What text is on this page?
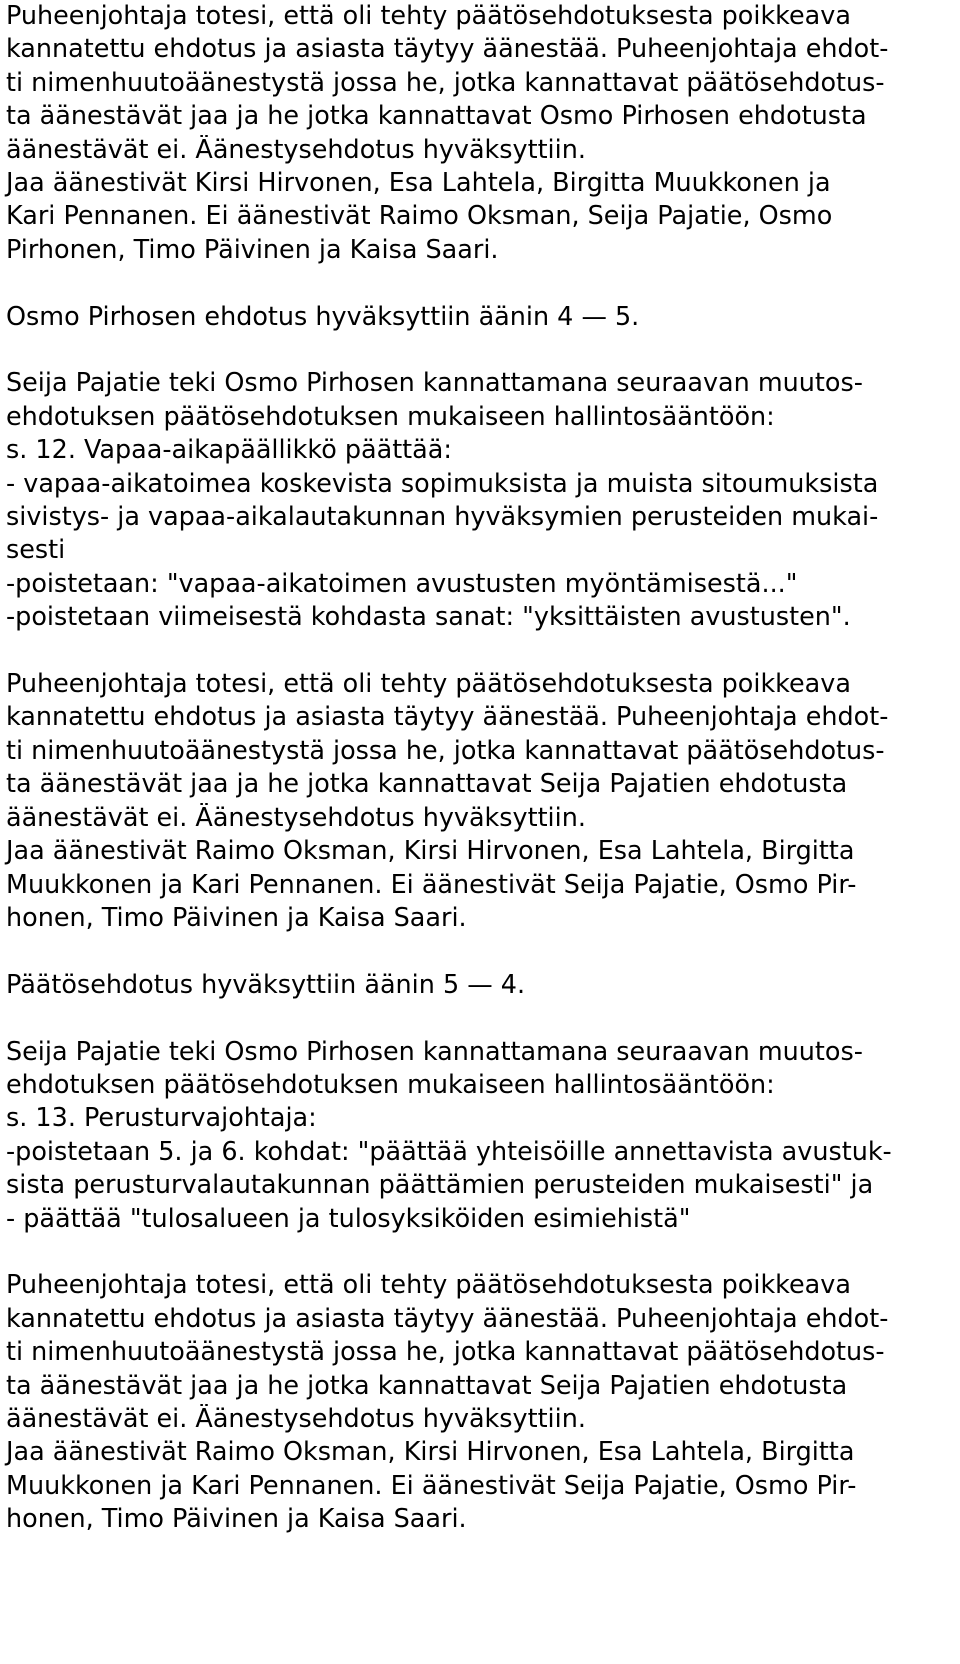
Puheenjohtaja totesi, että oli tehty päätösehdotuksesta poikkeava
kannatettu ehdotus ja asiasta täytyy äänestää. Puheenjohtaja ehdot-
ti nimenhuutoäänestystä jossa he, jotka kannattavat päätösehdotus-
ta äänestävät jaa ja he jotka kannattavat Osmo Pirhosen ehdotusta
äänestävät ei. Äänestysehdotus hyväksyttiin.
Jaa äänestivät Kirsi Hirvonen, Esa Lahtela, Birgitta Muukkonen ja
Kari Pennanen. Ei äänestivät Raimo Oksman, Seija Pajatie, Osmo
Pirhonen, Timo Päivinen ja Kaisa Saari.
Osmo Pirhosen ehdotus hyväksyttiin äänin 4 — 5.
Seija Pajatie teki Osmo Pirhosen kannattamana seuraavan muutos-
ehdotuksen päätösehdotuksen mukaiseen hallintosääntöön:
s. 12. Vapaa-aikapäällikkö päättää:
- vapaa-aikatoimea koskevista sopimuksista ja muista sitoumuksista
sivistys- ja vapaa-aikalautakunnan hyväksymien perusteiden mukai-
sesti
-poistetaan: "vapaa-aikatoimen avustusten myöntämisestä..."
-poistetaan viimeisestä kohdasta sanat: "yksittäisten avustusten".
Puheenjohtaja totesi, että oli tehty päätösehdotuksesta poikkeava
kannatettu ehdotus ja asiasta täytyy äänestää. Puheenjohtaja ehdot-
ti nimenhuutoäänestystä jossa he, jotka kannattavat päätösehdotus-
ta äänestävät jaa ja he jotka kannattavat Seija Pajatien ehdotusta
äänestävät ei. Äänestysehdotus hyväksyttiin.
Jaa äänestivät Raimo Oksman, Kirsi Hirvonen, Esa Lahtela, Birgitta
Muukkonen ja Kari Pennanen. Ei äänestivät Seija Pajatie, Osmo Pir-
honen, Timo Päivinen ja Kaisa Saari.
Päätösehdotus hyväksyttiin äänin 5 — 4.
Seija Pajatie teki Osmo Pirhosen kannattamana seuraavan muutos-
ehdotuksen päätösehdotuksen mukaiseen hallintosääntöön:
s. 13. Perusturvajohtaja:
-poistetaan 5. ja 6. kohdat: "päättää yhteisöille annettavista avustuk-
sista perusturvalautakunnan päättämien perusteiden mukaisesti" ja
- päättää "tulosalueen ja tulosyksiköiden esimiehistä"
Puheenjohtaja totesi, että oli tehty päätösehdotuksesta poikkeava
kannatettu ehdotus ja asiasta täytyy äänestää. Puheenjohtaja ehdot-
ti nimenhuutoäänestystä jossa he, jotka kannattavat päätösehdotus-
ta äänestävät jaa ja he jotka kannattavat Seija Pajatien ehdotusta
äänestävät ei. Äänestysehdotus hyväksyttiin.
Jaa äänestivät Raimo Oksman, Kirsi Hirvonen, Esa Lahtela, Birgitta
Muukkonen ja Kari Pennanen. Ei äänestivät Seija Pajatie, Osmo Pir-
honen, Timo Päivinen ja Kaisa Saari.
